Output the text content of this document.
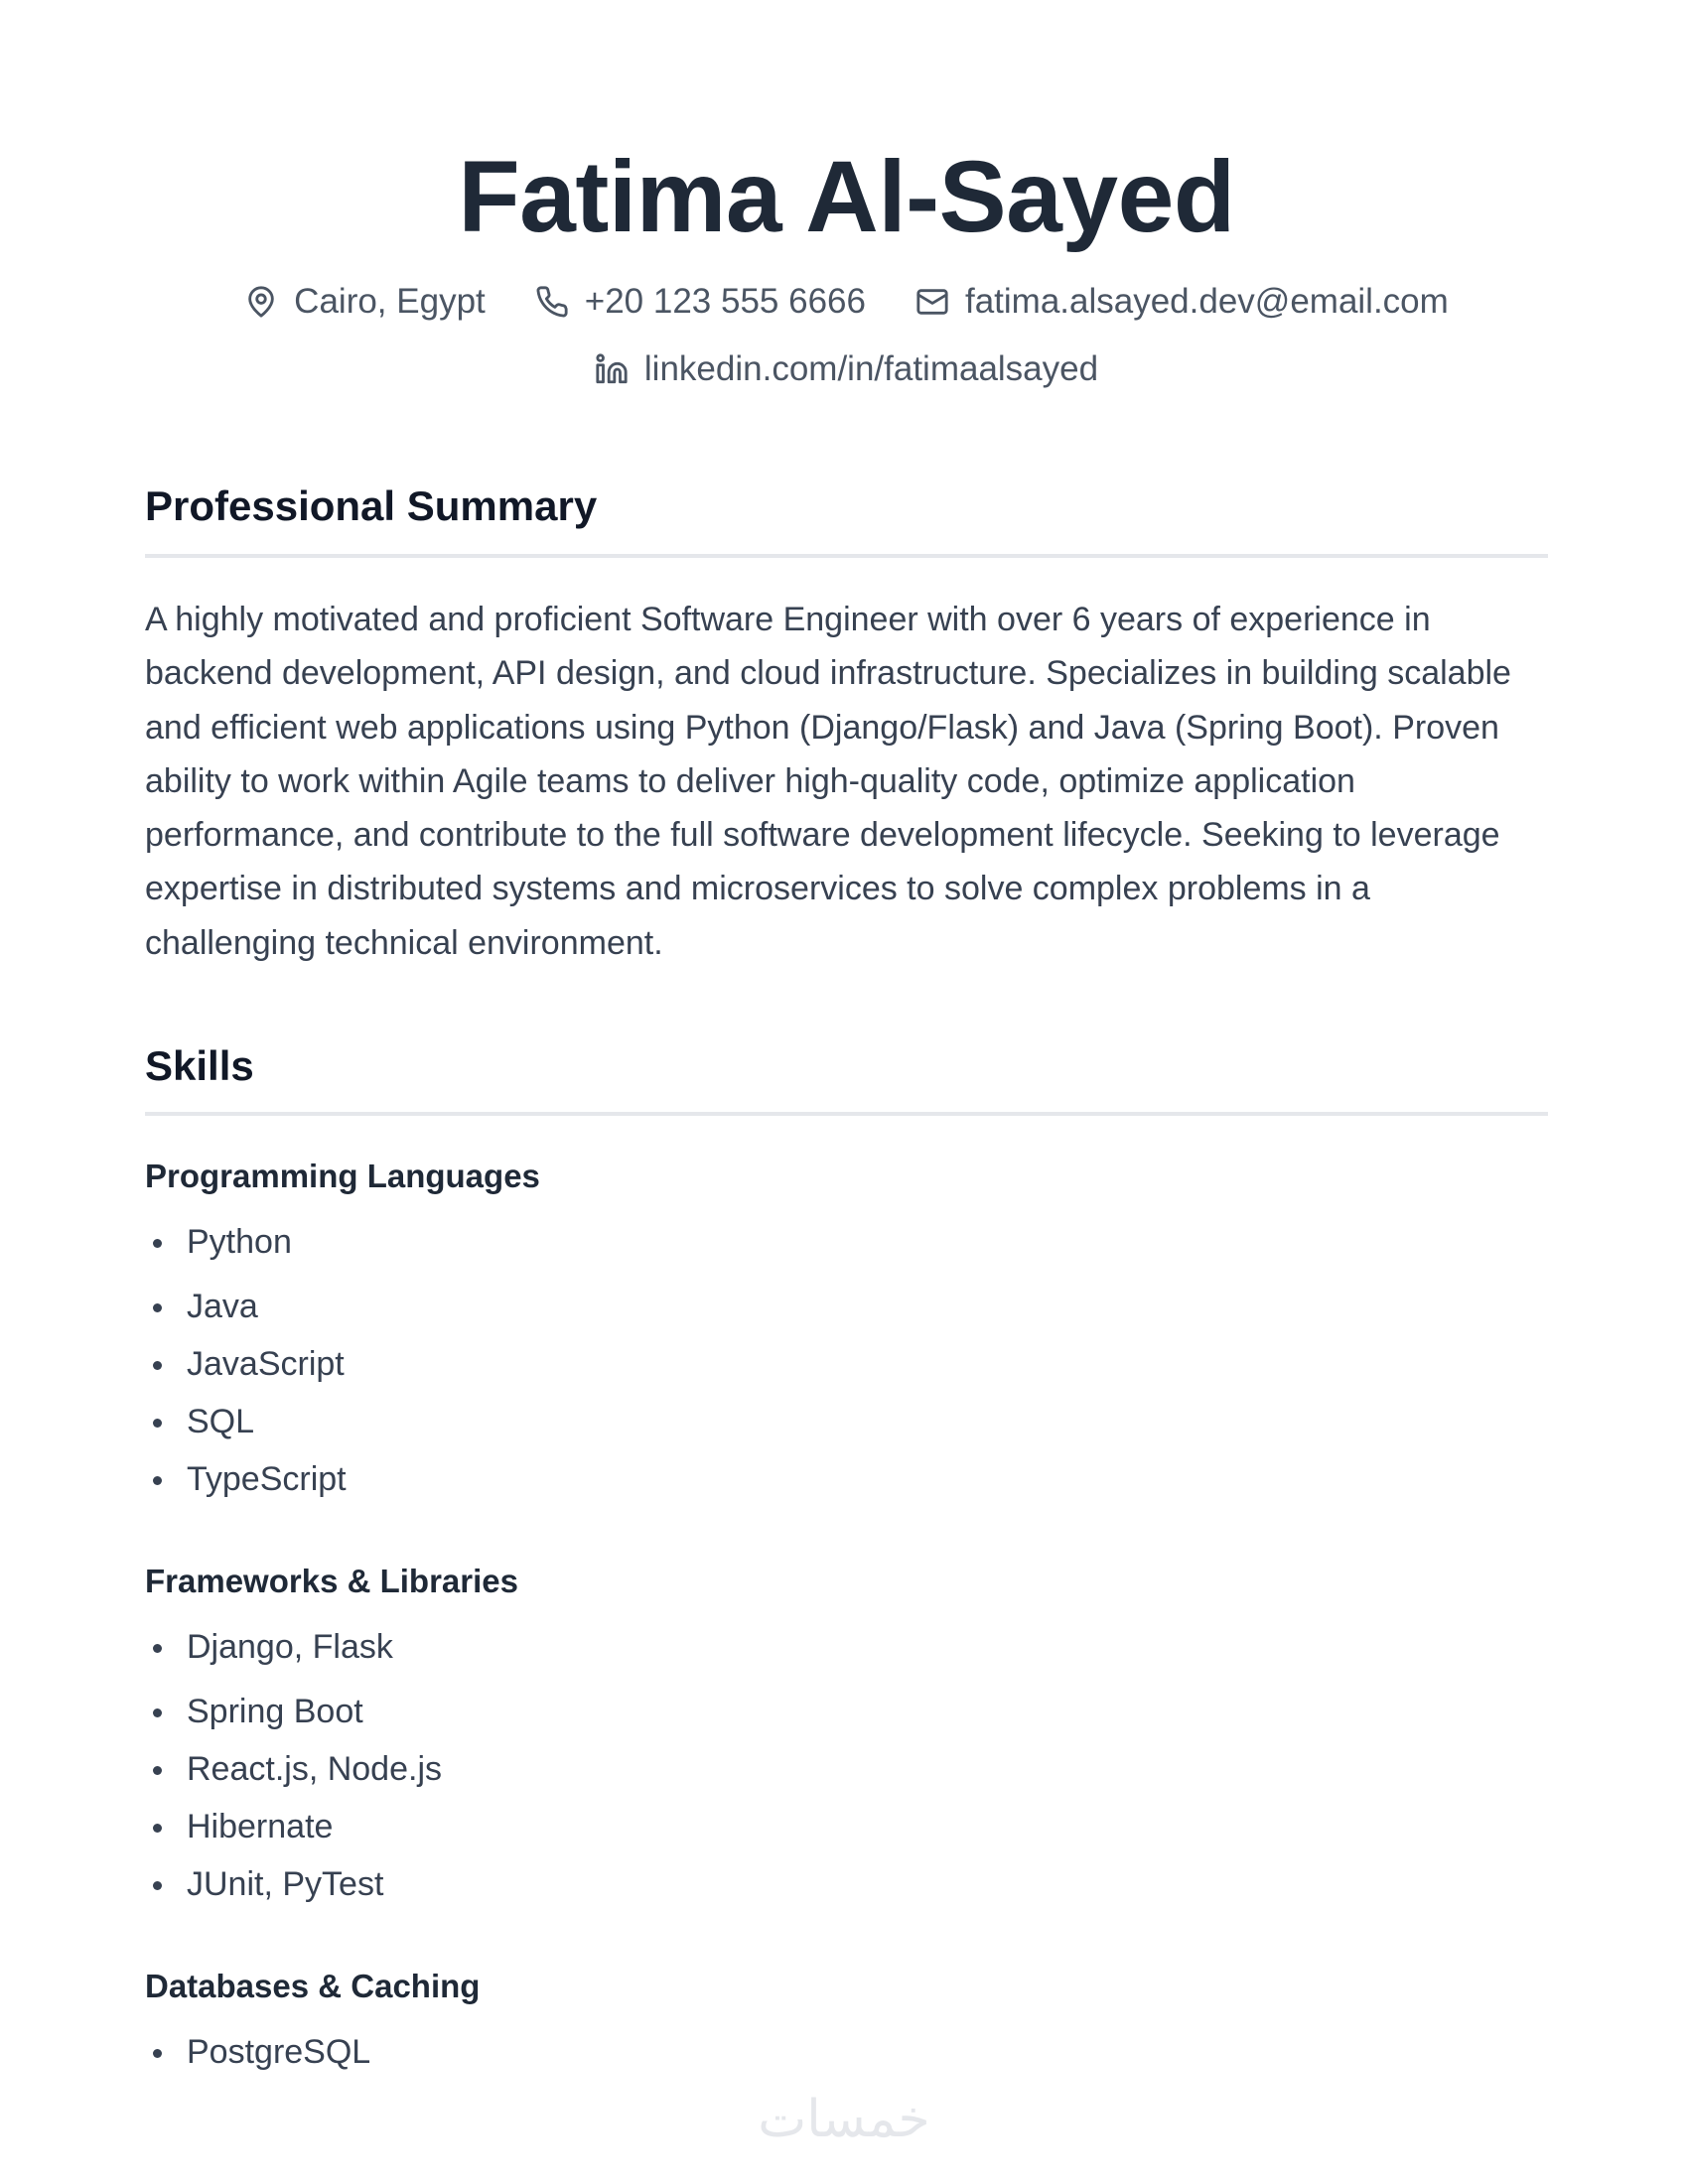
Fatima Al-Sayed
Cairo, Egypt	+20 123 555 6666	fatima.alsayed.dev@email.com
linkedin.com/in/fatimaalsayed
Professional Summary
A highly motivated and proficient Software Engineer with over 6 years of experience in backend development, API design, and cloud infrastructure. Specializes in building scalable and efficient web applications using Python (Django/Flask) and Java (Spring Boot). Proven ability to work within Agile teams to deliver high-quality code, optimize application performance, and contribute to the full software development lifecycle. Seeking to leverage expertise in distributed systems and microservices to solve complex problems in a challenging technical environment.
Skills
Programming Languages
Python
Java
JavaScript
SQL
TypeScript
Frameworks & Libraries
Django, Flask
Spring Boot
React.js, Node.js
Hibernate
JUnit, PyTest
Databases & Caching
PostgreSQL
خمسات
